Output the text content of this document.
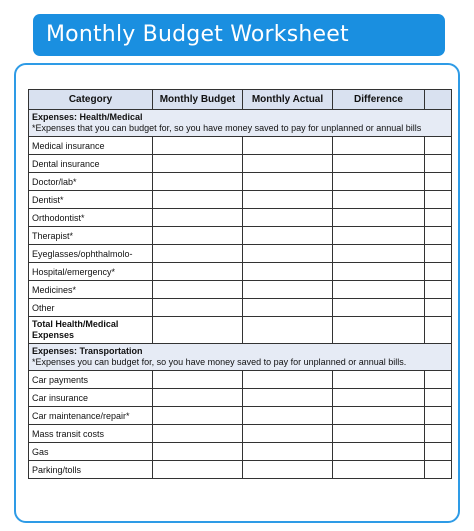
Monthly Budget Worksheet
Category	Monthly Budget	Monthly Actual	Difference	

Expenses: Health/Medical
*Expenses that you can budget for, so you have money saved to pay for unplanned or annual bills				

Medical insurance				
Dental insurance				
Doctor/lab*				
Dentist*				
Orthodontist*				
Therapist*				
Eyeglasses/ophthalmolo-				
Hospital/emergency*				
Medicines*				
Other				
Total Health/Medical Expenses				

Expenses: Transportation
*Expenses you can budget for, so you have money saved to pay for unplanned or annual bills.				

Car payments				
Car insurance				
Car maintenance/repair*				
Mass transit costs				
Gas				
Parking/tolls				
